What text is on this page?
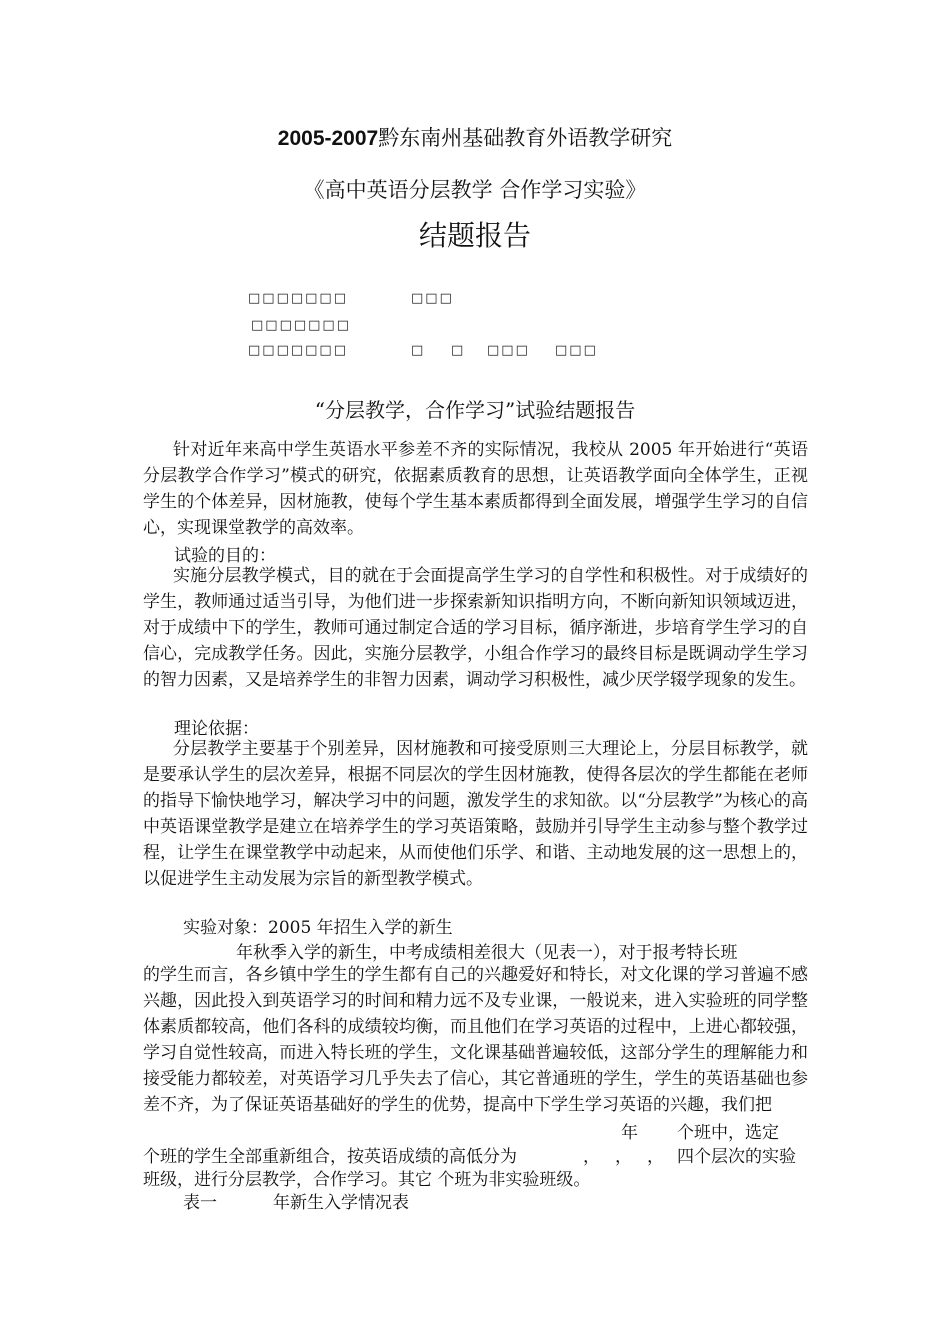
2005-2007黔东南州基础教育外语教学研究
《高中英语分层教学 合作学习实验》
结题报告
□□□□□□□	□□□
□□□□□□□
□□□□□□□	□ □ □□□ □□□
“分层教学，合作学习”试验结题报告

针对近年来高中学生英语水平参差不齐的实际情况，我校从 2005 年开始进行“英语分层教学合作学习”模式的研究，依据素质教育的思想，让英语教学面向全体学生，正视学生的个体差异，因材施教，使每个学生基本素质都得到全面发展，增强学生学习的自信心，实现课堂教学的高效率。

试验的目的：

实施分层教学模式，目的就在于会面提高学生学习的自学性和积极性。对于成绩好的学生，教师通过适当引导，为他们进一步探索新知识指明方向，不断向新知识领域迈进，对于成绩中下的学生，教师可通过制定合适的学习目标，循序渐进，步培育学生学习的自信心，完成教学任务。因此，实施分层教学，小组合作学习的最终目标是既调动学生学习的智力因素，又是培养学生的非智力因素，调动学习积极性，减少厌学辍学现象的发生。

理论依据：

分层教学主要基于个别差异，因材施教和可接受原则三大理论上，分层目标教学，就是要承认学生的层次差异，根据不同层次的学生因材施教，使得各层次的学生都能在老师的指导下愉快地学习，解决学习中的问题，激发学生的求知欲。以“分层教学”为核心的高中英语课堂教学是建立在培养学生的学习英语策略，鼓励并引导学生主动参与整个教学过程，让学生在课堂教学中动起来，从而使他们乐学、和谐、主动地发展的这一思想上的，以促进学生主动发展为宗旨的新型教学模式。

实验对象：2005 年招生入学的新生
年秋季入学的新生，中考成绩相差很大（见表一），对于报考特长班

的学生而言，各乡镇中学生的学生都有自己的兴趣爱好和特长，对文化课的学习普遍不感兴趣，因此投入到英语学习的时间和精力远不及专业课，一般说来，进入实验班的同学整体素质都较高，他们各科的成绩较均衡，而且他们在学习英语的过程中，上进心都较强，学习自觉性较高，而进入特长班的学生，文化课基础普遍较低，这部分学生的理解能力和接受能力都较差，对英语学习几乎失去了信心，其它普通班的学生，学生的英语基础也参差不齐，为了保证英语基础好的学生的优势，提高中下学生学习英语的兴趣，我们把

年 个班中，选定
个班的学生全部重新组合，按英语成绩的高低分为	， ， ， 四个层次的实验
班级，进行分层教学，合作学习。其它 个班为非实验班级。
表一	年新生入学情况表
